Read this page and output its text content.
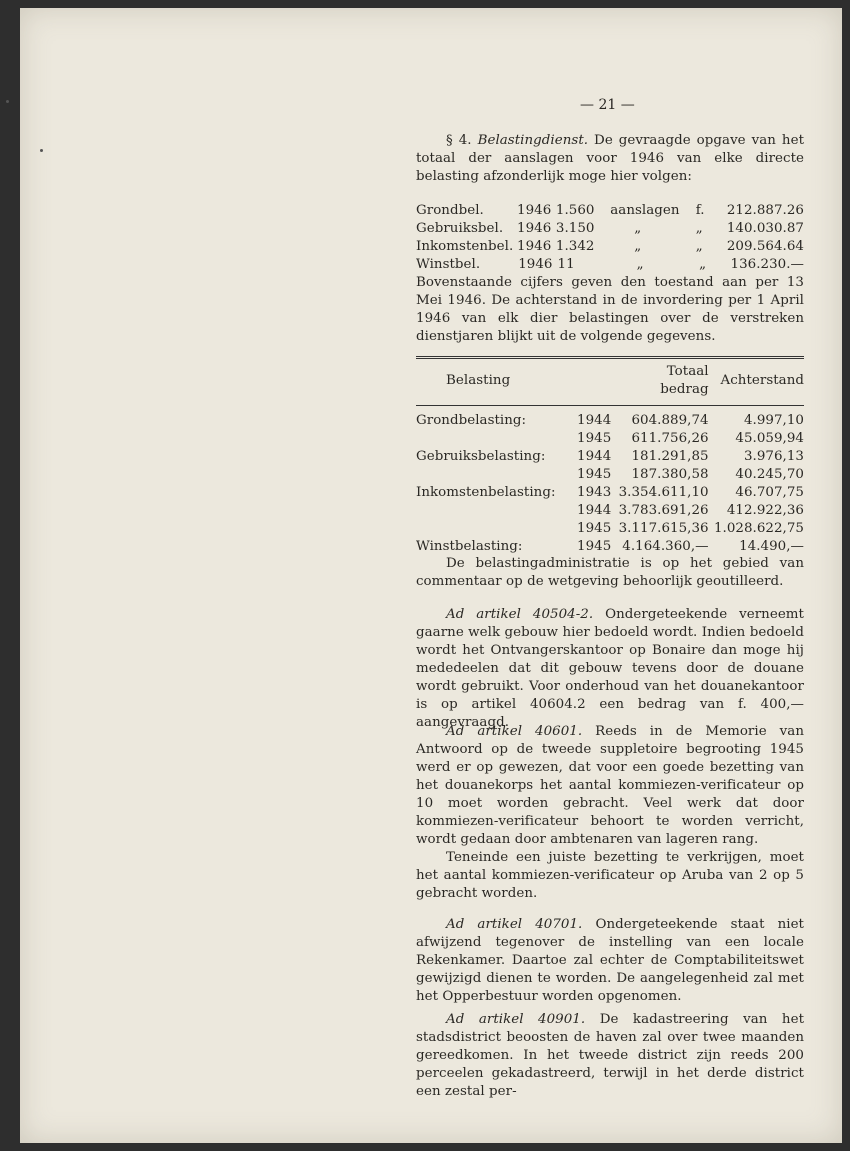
— 21 —

§ 4. Belastingdienst. De gevraagde opgave van het totaal der aanslagen voor 1946 van elke directe belasting afzonderlijk moge hier volgen:

Grondbel.	1946 1.560	aanslagen	f.	212.887.26
Gebruiksbel.	1946 3.150	„	„	140.030.87
Inkomstenbel. 1946 1.342	„	„	209.564.64
Winstbel.	1946 11	„	„	136.230.—

Bovenstaande cijfers geven den toestand aan per 13 Mei 1946. De achterstand in de invordering per 1 April 1946 van elk dier belastingen over de verstreken dienstjaren blijkt uit de volgende gegevens.

Belasting		Totaal bedrag	Achterstand
Grondbelasting:	1944	604.889,74	4.997,10
	1945	611.756,26	45.059,94
Gebruiksbelasting:	1944	181.291,85	3.976,13
	1945	187.380,58	40.245,70
Inkomstenbelasting:	1943	3.354.611,10	46.707,75
	1944	3.783.691,26	412.922,36
	1945	3.117.615,36	1.028.622,75
Winstbelasting:	1945	4.164.360,—	14.490,—

De belastingadministratie is op het gebied van commentaar op de wetgeving behoorlijk geoutilleerd.

Ad artikel 40504-2. Ondergeteekende verneemt gaarne welk gebouw hier bedoeld wordt. Indien bedoeld wordt het Ontvangerskantoor op Bonaire dan moge hij mededeelen dat dit gebouw tevens door de douane wordt gebruikt. Voor onderhoud van het douanekantoor is op artikel 40604.2 een bedrag van f. 400,— aangevraagd.

Ad artikel 40601. Reeds in de Memorie van Antwoord op de tweede suppletoire begrooting 1945 werd er op gewezen, dat voor een goede bezetting van het douanekorps het aantal kommiezen-verificateur op 10 moet worden gebracht. Veel werk dat door kommiezen-verificateur behoort te worden verricht, wordt gedaan door ambtenaren van lageren rang.

Teneinde een juiste bezetting te verkrijgen, moet het aantal kommiezen-verificateur op Aruba van 2 op 5 gebracht worden.

Ad artikel 40701. Ondergeteekende staat niet afwijzend tegenover de instelling van een locale Rekenkamer. Daartoe zal echter de Comptabiliteitswet gewijzigd dienen te worden. De aangelegenheid zal met het Opperbestuur worden opgenomen.

Ad artikel 40901. De kadastreering van het stadsdistrict beoosten de haven zal over twee maanden gereedkomen. In het tweede district zijn reeds 200 perceelen gekadastreerd, terwijl in het derde district een zestal per-
